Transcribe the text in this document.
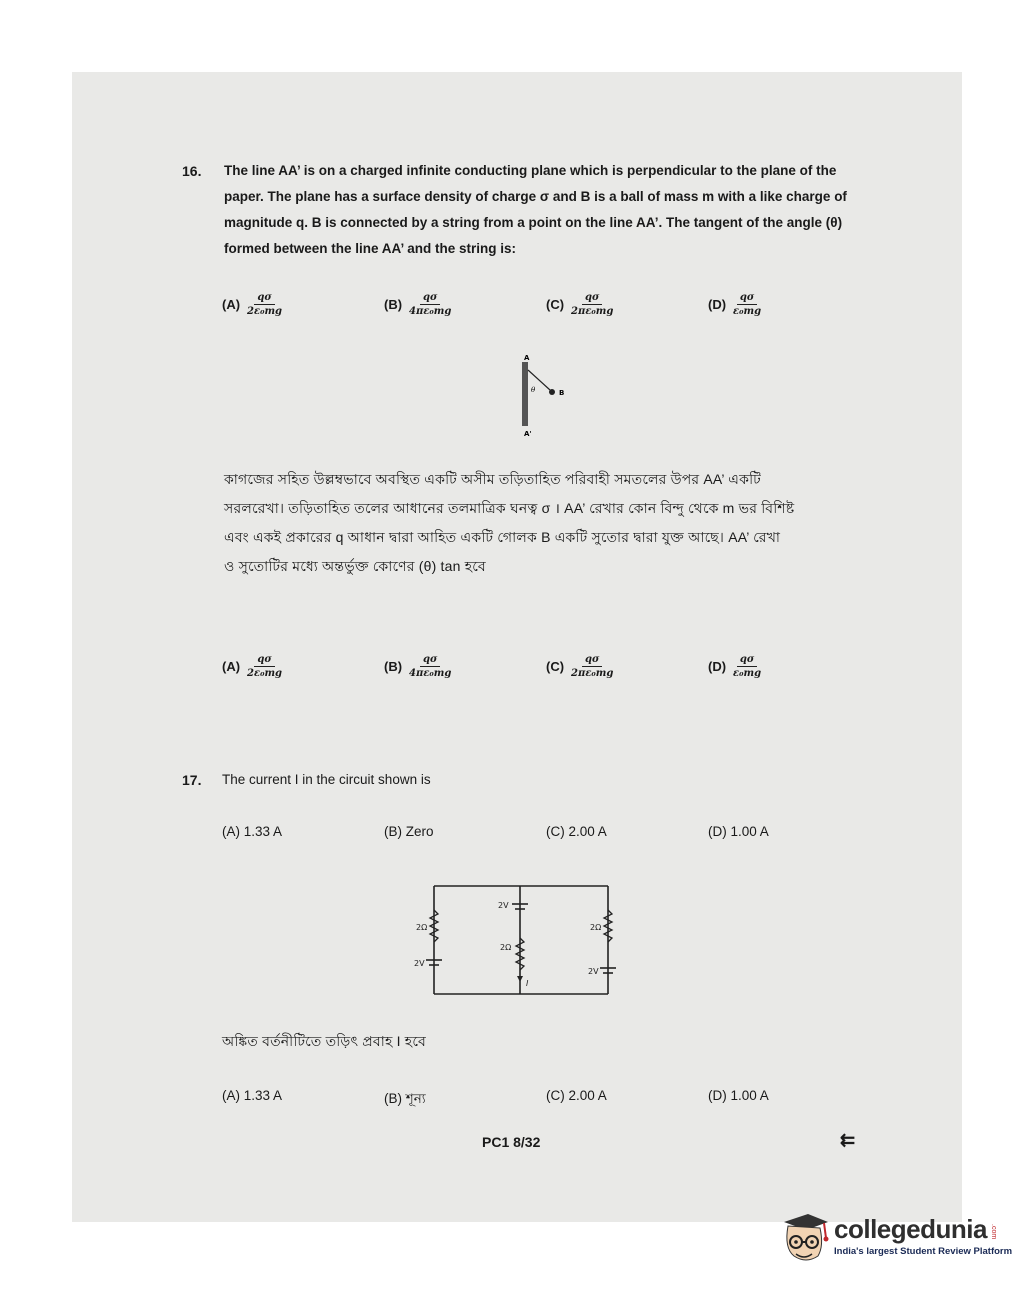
16. The line AA’ is on a charged infinite conducting plane which is perpendicular to the plane of the
paper. The plane has a surface density of charge σ and B is a ball of mass m with a like charge of
magnitude q. B is connected by a string from a point on the line AA’. The tangent of the angle (θ)
formed between the line AA’ and the string is:
$(A) \frac{q\sigma}{\text{2ε₀mg}}$	$(B) \frac{q\sigma}{\text{4πε₀mg}}$	$(C) \frac{q\sigma}{\text{2πε₀mg}}$	$(D) \frac{q\sigma}{\text{ε₀mg}}$
A
A'
B
θ
কাগজের সহিত উল্লম্বভাবে অবস্থিত একটি অসীম তড়িতাহিত পরিবাহী সমতলের উপর AA’ একটি
সরলরেখা। তড়িতাহিত তলের আধানের তলমাত্রিক ঘনত্ব σ । AA’ রেখার কোন বিন্দু থেকে m ভর বিশিষ্ট
এবং একই প্রকারের q আধান দ্বারা আহিত একটি গোলক B একটি সুতোর দ্বারা যুক্ত আছে। AA’ রেখা
ও সুতোটির মধ্যে অন্তর্ভুক্ত কোণের (θ) tan হবে
$(A) \frac{q\sigma}{\text{2ε₀mg}}$	$(B) \frac{q\sigma}{\text{4πε₀mg}}$	$(C) \frac{q\sigma}{\text{2πε₀mg}}$	$(D) \frac{q\sigma}{\text{ε₀mg}}$
17. The current I in the circuit shown is
(A) 1.33 A	(B) Zero	(C) 2.00 A	(D) 1.00 A
2Ω
2V
2V
2Ω
I
2Ω
2V
অঙ্কিত বর্তনীটিতে তড়িৎ প্রবাহ I হবে
(A) 1.33 A	(B) শূন্য	(C) 2.00 A	(D) 1.00 A
PC1 8/32	⇇
collegedunia .com
India's largest Student Review Platform
